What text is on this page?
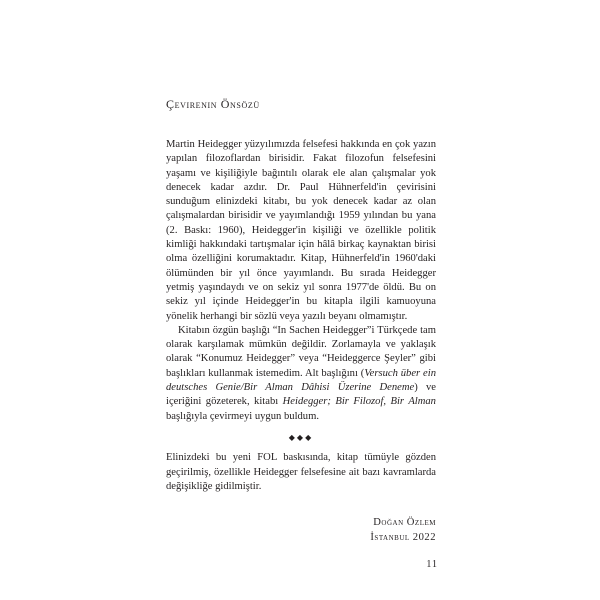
Çevirenin Önsözü

Martin Heidegger yüzyılımızda felsefesi hakkında en çok yazın yapılan filozoflardan birisidir. Fakat filozofun felsefesini yaşamı ve kişiliğiyle bağıntılı olarak ele alan çalışmalar yok denecek kadar azdır. Dr. Paul Hühnerfeld'in çevirisini sunduğum elinizdeki kitabı, bu yok denecek kadar az olan çalışmalardan birisidir ve yayımlandığı 1959 yılından bu yana (2. Baskı: 1960), Heidegger'in kişiliği ve özellikle politik kimliği hakkındaki tartışmalar için hâlâ birkaç kaynaktan birisi olma özelliğini korumaktadır. Kitap, Hühnerfeld'in 1960'daki ölümünden bir yıl önce yayımlandı. Bu sırada Heidegger yetmiş yaşındaydı ve on sekiz yıl sonra 1977'de öldü. Bu on sekiz yıl içinde Heidegger'in bu kitapla ilgili kamuoyuna yönelik herhangi bir sözlü veya yazılı beyanı olmamıştır.

Kitabın özgün başlığı “In Sachen Heidegger”i Türkçede tam olarak karşılamak mümkün değildir. Zorlamayla ve yaklaşık olarak “Konumuz Heidegger” veya “Heideggerce Şeyler” gibi başlıkları kullanmak istemedim. Alt başlığını (Versuch über ein deutsches Genie/Bir Alman Dâhisi Üzerine Deneme) ve içeriğini gözeterek, kitabı Heidegger; Bir Filozof, Bir Alman başlığıyla çevirmeyi uygun buldum.

◆◆◆

Elinizdeki bu yeni FOL baskısında, kitap tümüyle gözden geçirilmiş, özellikle Heidegger felsefesine ait bazı kavramlarda değişikliğe gidilmiştir.

Doğan Özlem
İstanbul 2022
11
